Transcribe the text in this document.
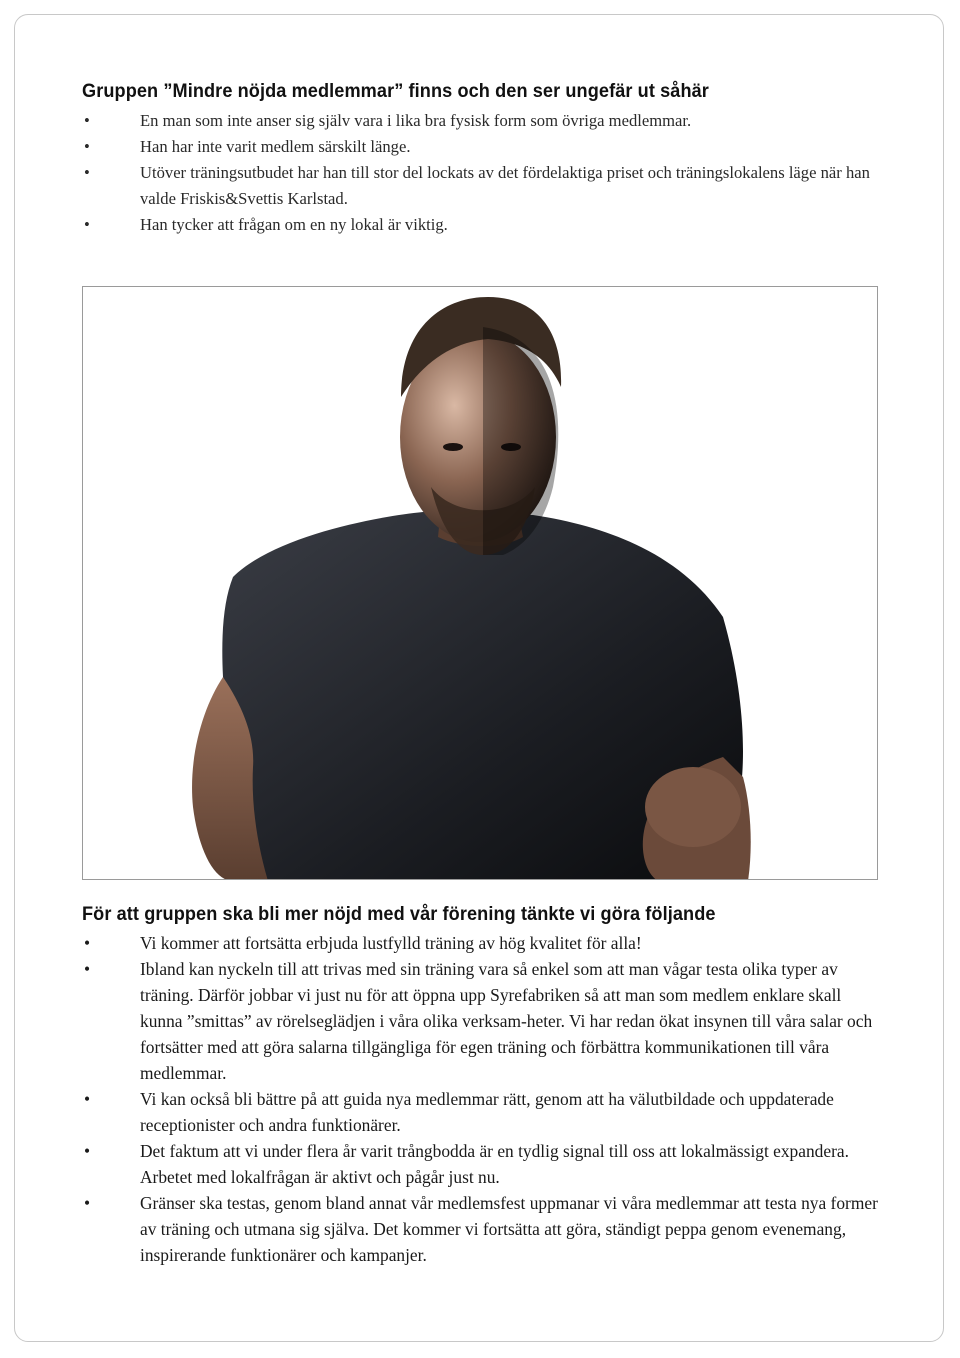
Gruppen ”Mindre nöjda medlemmar” finns och den ser ungefär ut såhär
•	En man som inte anser sig själv vara i lika bra fysisk form som övriga medlemmar.
•	Han har inte varit medlem särskilt länge.
•	Utöver träningsutbudet har han till stor del lockats av det fördelaktiga priset och träningslokalens läge när han valde Friskis&Svettis Karlstad.
•	Han tycker att frågan om en ny lokal är viktig.
För att gruppen ska bli mer nöjd med vår förening tänkte vi göra följande
•	Vi kommer att fortsätta erbjuda lustfylld träning av hög kvalitet för alla!
•	Ibland kan nyckeln till att trivas med sin träning vara så enkel som att man vågar testa olika typer av träning. Därför jobbar vi just nu för att öppna upp Syrefabriken så att man som medlem enklare skall kunna ”smittas” av rörelseglädjen i våra olika verksam-heter. Vi har redan ökat insynen till våra salar och fortsätter med att göra salarna tillgängliga för egen träning och förbättra kommunikationen till våra medlemmar.
•	Vi kan också bli bättre på att guida nya medlemmar rätt, genom att ha välutbildade och uppdaterade receptionister och andra funktionärer.
•	Det faktum att vi under flera år varit trångbodda är en tydlig signal till oss att lokalmässigt expandera. Arbetet med lokalfrågan är aktivt och pågår just nu.
•	Gränser ska testas, genom bland annat vår medlemsfest uppmanar vi våra medlemmar att testa nya former av träning och utmana sig själva. Det kommer vi fortsätta att göra, ständigt peppa genom evenemang, inspirerande funktionärer och kampanjer.
